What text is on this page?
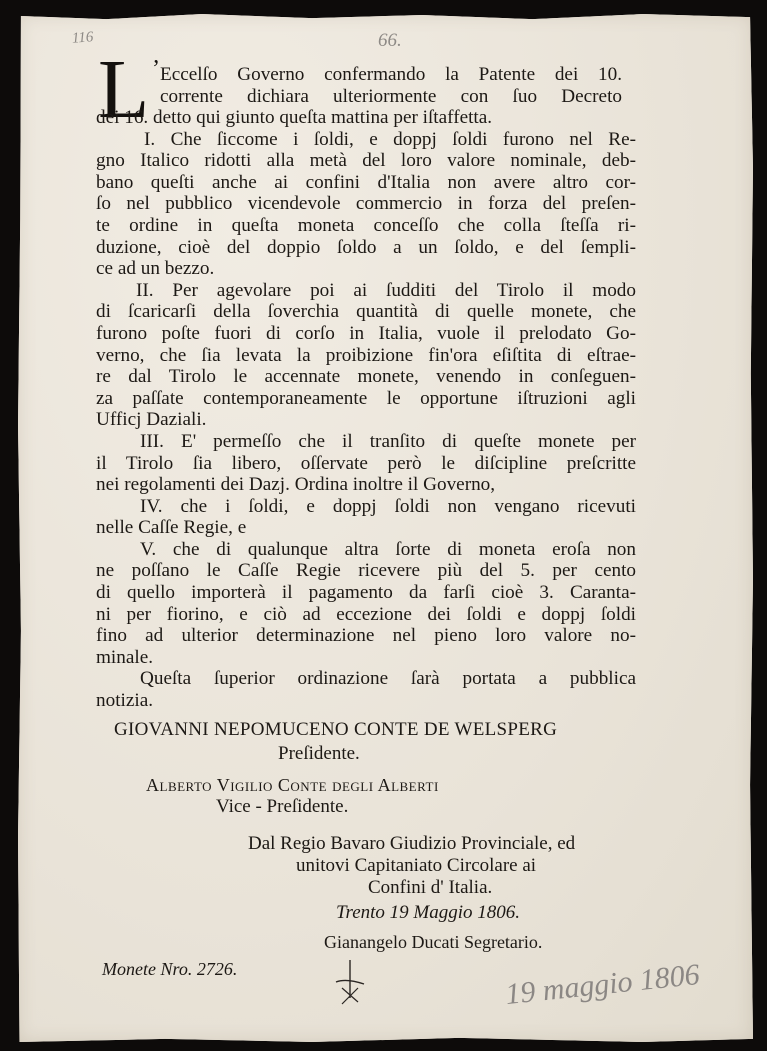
116	66.
L ’ Eccelſo Governo confermando la Patente dei 10.
corrente dichiara ulteriormente con ſuo Decreto
dei 16. detto qui giunto queſta mattina per iſtaffetta.
I. Che ſiccome i ſoldi, e doppj ſoldi furono nel Re-
gno Italico ridotti alla metà del loro valore nominale, deb-
bano queſti anche ai confini d'Italia non avere altro cor-
ſo nel pubblico vicendevole commercio in forza del preſen-
te ordine in queſta moneta conceſſo che colla ſteſſa ri-
duzione, cioè del doppio ſoldo a un ſoldo, e del ſempli-
ce ad un bezzo.
II. Per agevolare poi ai ſudditi del Tirolo il modo
di ſcaricarſi della ſoverchia quantità di quelle monete, che
furono poſte fuori di corſo in Italia, vuole il prelodato Go-
verno, che ſia levata la proibizione fin'ora eſiſtita di eſtrae-
re dal Tirolo le accennate monete, venendo in conſeguen-
za paſſate contemporaneamente le opportune iſtruzioni agli
Ufficj Daziali.
III. E' permeſſo che il tranſito di queſte monete per
il Tirolo ſia libero, oſſervate però le diſcipline preſcritte
nei regolamenti dei Dazj. Ordina inoltre il Governo,
IV. che i ſoldi, e doppj ſoldi non vengano ricevuti
nelle Caſſe Regie, e
V. che di qualunque altra ſorte di moneta eroſa non
ne poſſano le Caſſe Regie ricevere più del 5. per cento
di quello importerà il pagamento da farſi cioè 3. Carantа-
ni per fiorino, e ciò ad eccezione dei ſoldi e doppj ſoldi
fino ad ulterior determinazione nel pieno loro valore no-
minale.
Queſta ſuperior ordinazione ſarà portata a pubblica
notizia.
GIOVANNI NEPOMUCENO CONTE DE WELSPERG
Preſidente.
Alberto Vigilio Conte degli Alberti
Vice - Preſidente.
Dal Regio Bavaro Giudizio Provinciale, ed
unitovi Capitaniato Circolare ai
Confini d' Italia.
Trento 19 Maggio 1806.
Gianangelo Ducati Segretario.
Monete Nro. 2726.	19 maggio 1806
